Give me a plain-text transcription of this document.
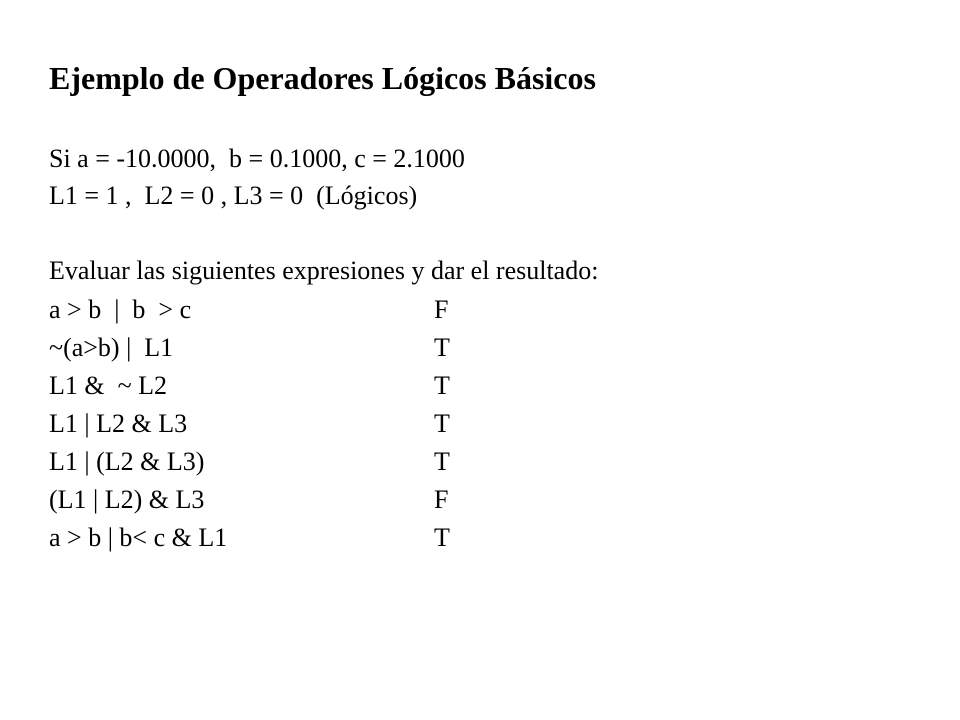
Ejemplo de Operadores Lógicos Básicos
Si a = -10.0000,  b = 0.1000, c = 2.1000
L1 = 1 ,  L2 = 0 , L3 = 0  (Lógicos)
Evaluar las siguientes expresiones y dar el resultado:
a > b  |  b  > c	F
~(a>b) |  L1	T
L1 &  ~ L2	T
L1 | L2 & L3	T
L1 | (L2 & L3)	T
(L1 | L2) & L3	F
a > b | b< c & L1	T
